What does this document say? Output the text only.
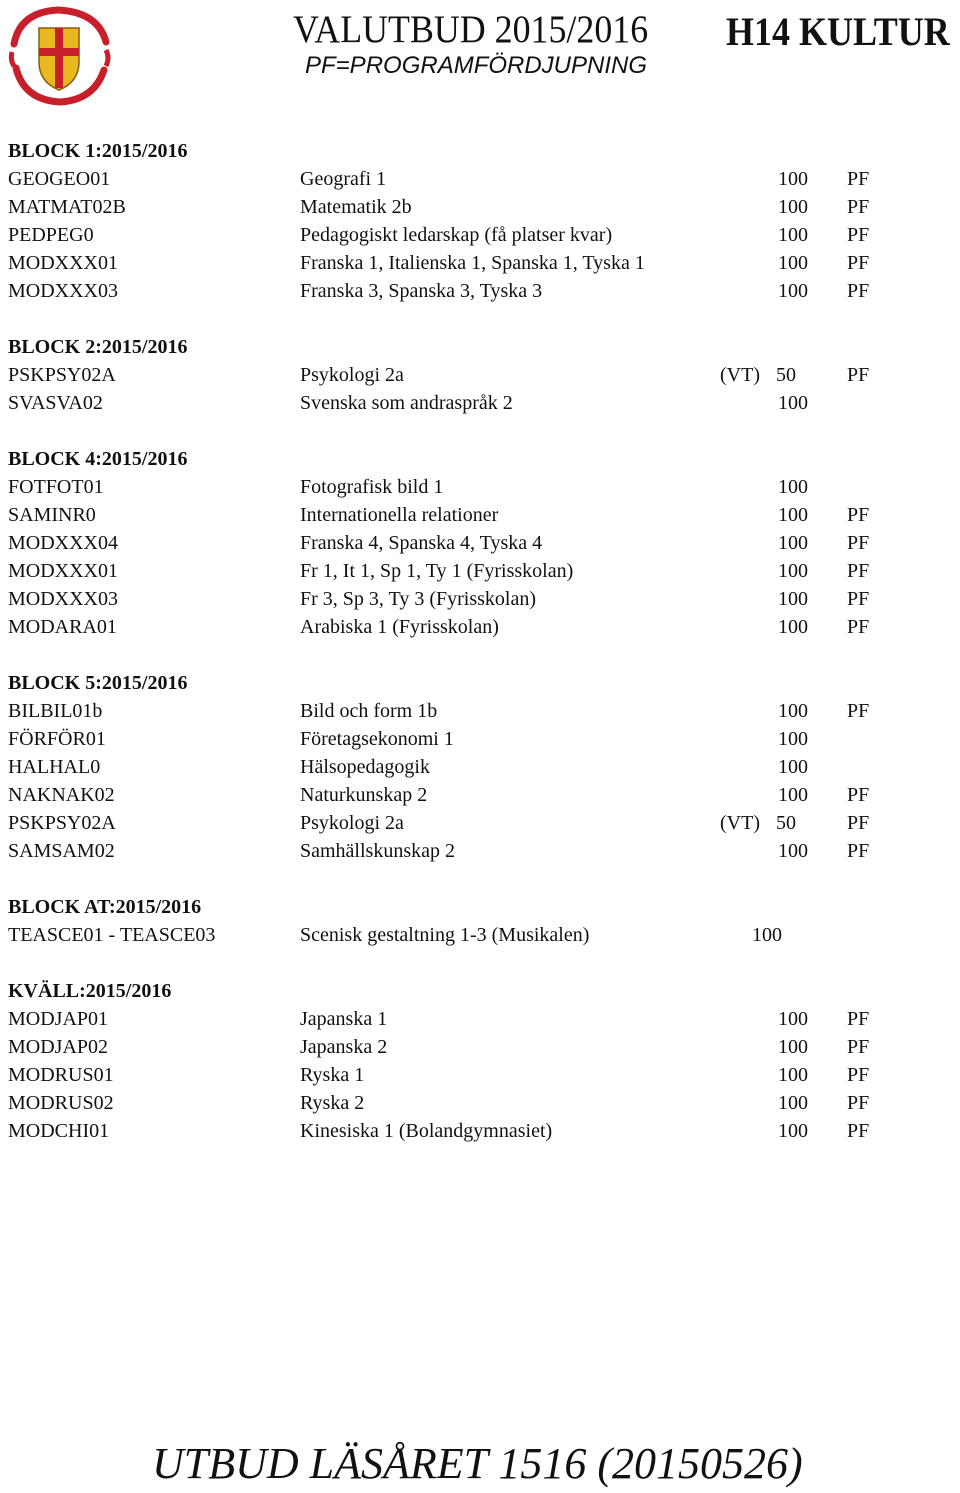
VALUTBUD 2015/2016 H14 KULTUR
PF=PROGRAMFÖRDJUPNING
BLOCK 1:2015/2016
GEOGEO01	Geografi 1	100 PF
MATMAT02B	Matematik 2b	100 PF
PEDPEG0	Pedagogiskt ledarskap (få platser kvar)	100 PF
MODXXX01	Franska 1, Italienska 1, Spanska 1, Tyska 1	100 PF
MODXXX03	Franska 3, Spanska 3, Tyska 3	100 PF
BLOCK 2:2015/2016
PSKPSY02A	Psykologi 2a	(VT) 50	PF
SVASVA02	Svenska som andraspråk 2	100
BLOCK 4:2015/2016
FOTFOT01	Fotografisk bild 1	100
SAMINR0	Internationella relationer	100 PF
MODXXX04	Franska 4, Spanska 4, Tyska 4	100 PF
MODXXX01	Fr 1, It 1, Sp 1, Ty 1 (Fyrisskolan)	100 PF
MODXXX03	Fr 3, Sp 3, Ty 3 (Fyrisskolan)	100 PF
MODARA01	Arabiska 1 (Fyrisskolan)	100 PF
BLOCK 5:2015/2016
BILBIL01b	Bild och form 1b	100 PF
FÖRFÖR01	Företagsekonomi 1	100
HALHAL0	Hälsopedagogik	100
NAKNAK02	Naturkunskap 2	100 PF
PSKPSY02A	Psykologi 2a	(VT) 50	PF
SAMSAM02	Samhällskunskap 2	100 PF
BLOCK AT:2015/2016
TEASCE01 - TEASCE03	Scenisk gestaltning 1-3 (Musikalen)	100
KVÄLL:2015/2016
MODJAP01	Japanska 1	100 PF
MODJAP02	Japanska 2	100 PF
MODRUS01	Ryska 1	100 PF
MODRUS02	Ryska 2	100 PF
MODCHI01	Kinesiska 1 (Bolandgymnasiet)	100 PF
UTBUD LÄSÅRET 1516 (20150526)
